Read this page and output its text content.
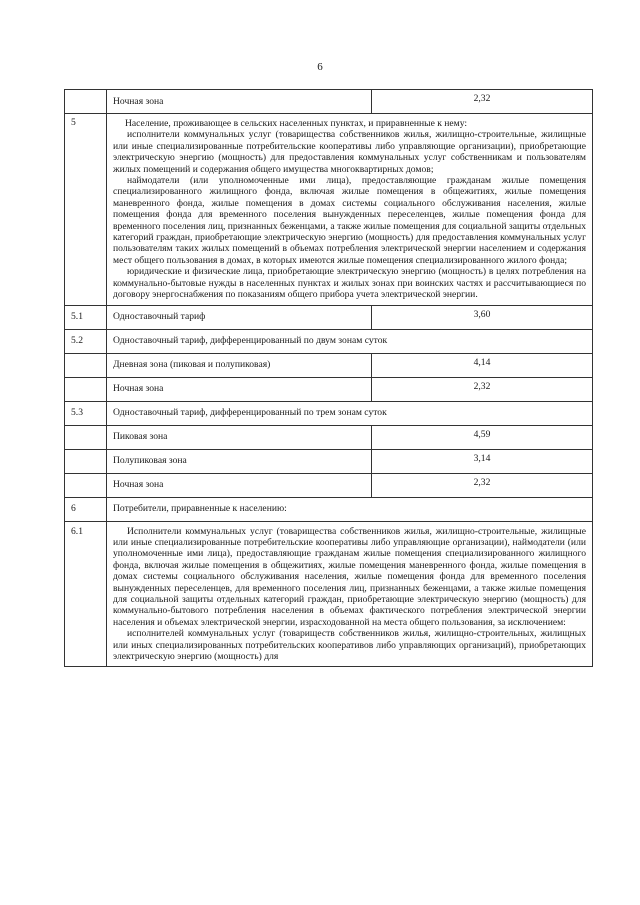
6
	Ночная зона	2,32
5	Население, проживающее в сельских населенных пунктах, и приравненные к нему:

исполнители коммунальных услуг (товарищества собственников жилья, жилищно-строительные, жилищные или иные специализированные потребительские кооперативы либо управляющие организации), приобретающие электрическую энергию (мощность) для предоставления коммунальных услуг собственникам и пользователям жилых помещений и содержания общего имущества многоквартирных домов;

наймодатели (или уполномоченные ими лица), предоставляющие гражданам жилые помещения специализированного жилищного фонда, включая жилые помещения в общежитиях, жилые помещения маневренного фонда, жилые помещения в домах системы социального обслуживания населения, жилые помещения фонда для временного поселения вынужденных переселенцев, жилые помещения фонда для временного поселения лиц, признанных беженцами, а также жилые помещения для социальной защиты отдельных категорий граждан, приобретающие электрическую энергию (мощность) для предоставления коммунальных услуг пользователям таких жилых помещений в объемах потребления электрической энергии населением и содержания мест общего пользования в домах, в которых имеются жилые помещения специализированного жилого фонда;

юридические и физические лица, приобретающие электрическую энергию (мощность) в целях потребления на коммунально-бытовые нужды в населенных пунктах и жилых зонах при воинских частях и рассчитывающиеся по договору энергоснабжения по показаниям общего прибора учета электрической энергии.	

5.1	Одноставочный тариф	3,60
5.2	Одноставочный тариф, дифференцированный по двум зонам суток	
	Дневная зона (пиковая и полупиковая)	4,14
	Ночная зона	2,32
5.3	Одноставочный тариф, дифференцированный по трем зонам суток	
	Пиковая зона	4,59
	Полупиковая зона	3,14
	Ночная зона	2,32
6	Потребители, приравненные к населению:	
6.1	Исполнители коммунальных услуг (товарищества собственников жилья, жилищно-строительные, жилищные или иные специализированные потребительские кооперативы либо управляющие организации), наймодатели (или уполномоченные ими лица), предоставляющие гражданам жилые помещения специализированного жилищного фонда, включая жилые помещения в общежитиях, жилые помещения маневренного фонда, жилые помещения в домах системы социального обслуживания населения, жилые помещения фонда для временного поселения вынужденных переселенцев, для временного поселения лиц, признанных беженцами, а также жилые помещения для социальной защиты отдельных категорий граждан, приобретающие электрическую энергию (мощность) для коммунально-бытового потребления населения в объемах фактического потребления электрической энергии населения и объемах электрической энергии, израсходованной на места общего пользования, за исключением:

исполнителей коммунальных услуг (товариществ собственников жилья, жилищно-строительных, жилищных или иных специализированных потребительских кооперативов либо управляющих организаций), приобретающих электрическую энергию (мощность) для	
